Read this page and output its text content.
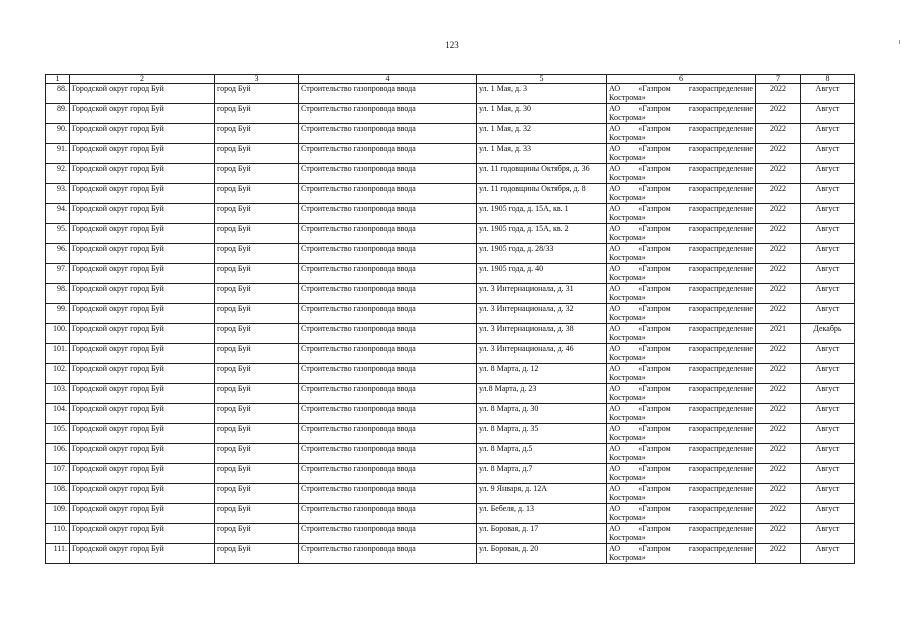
123
1	2	3	4	5	6	7	8
88.	Городской округ город Буй	город Буй	Строительство газопровода ввода	ул. 1 Мая, д. 3	АО «Газпром газораспределение
Кострома»	2022	Август
89.	Городской округ город Буй	город Буй	Строительство газопровода ввода	ул. 1 Мая, д. 30	АО «Газпром газораспределение
Кострома»	2022	Август
90.	Городской округ город Буй	город Буй	Строительство газопровода ввода	ул. 1 Мая, д. 32	АО «Газпром газораспределение
Кострома»	2022	Август
91.	Городской округ город Буй	город Буй	Строительство газопровода ввода	ул. 1 Мая, д. 33	АО «Газпром газораспределение
Кострома»	2022	Август
92.	Городской округ город Буй	город Буй	Строительство газопровода ввода	ул. 11 годовщины Октября, д. 36	АО «Газпром газораспределение
Кострома»	2022	Август
93.	Городской округ город Буй	город Буй	Строительство газопровода ввода	ул. 11 годовщины Октября, д. 8	АО «Газпром газораспределение
Кострома»	2022	Август
94.	Городской округ город Буй	город Буй	Строительство газопровода ввода	ул. 1905 года, д. 15А, кв. 1	АО «Газпром газораспределение
Кострома»	2022	Август
95.	Городской округ город Буй	город Буй	Строительство газопровода ввода	ул. 1905 года, д. 15А, кв. 2	АО «Газпром газораспределение
Кострома»	2022	Август
96.	Городской округ город Буй	город Буй	Строительство газопровода ввода	ул. 1905 года, д. 28/33	АО «Газпром газораспределение
Кострома»	2022	Август
97.	Городской округ город Буй	город Буй	Строительство газопровода ввода	ул. 1905 года, д. 40	АО «Газпром газораспределение
Кострома»	2022	Август
98.	Городской округ город Буй	город Буй	Строительство газопровода ввода	ул. 3 Интернационала, д. 31	АО «Газпром газораспределение
Кострома»	2022	Август
99.	Городской округ город Буй	город Буй	Строительство газопровода ввода	ул. 3 Интернационала, д. 32	АО «Газпром газораспределение
Кострома»	2022	Август
100.	Городской округ город Буй	город Буй	Строительство газопровода ввода	ул. 3 Интернационала, д. 38	АО «Газпром газораспределение
Кострома»	2021	Декабрь
101.	Городской округ город Буй	город Буй	Строительство газопровода ввода	ул. 3 Интернационала, д. 46	АО «Газпром газораспределение
Кострома»	2022	Август
102.	Городской округ город Буй	город Буй	Строительство газопровода ввода	ул. 8 Марта, д. 12	АО «Газпром газораспределение
Кострома»	2022	Август
103.	Городской округ город Буй	город Буй	Строительство газопровода ввода	ул.8 Марта, д. 23	АО «Газпром газораспределение
Кострома»	2022	Август
104.	Городской округ город Буй	город Буй	Строительство газопровода ввода	ул. 8 Марта, д. 30	АО «Газпром газораспределение
Кострома»	2022	Август
105.	Городской округ город Буй	город Буй	Строительство газопровода ввода	ул. 8 Марта, д. 35	АО «Газпром газораспределение
Кострома»	2022	Август
106.	Городской округ город Буй	город Буй	Строительство газопровода ввода	ул. 8 Марта, д.5	АО «Газпром газораспределение
Кострома»	2022	Август
107.	Городской округ город Буй	город Буй	Строительство газопровода ввода	ул. 8 Марта, д.7	АО «Газпром газораспределение
Кострома»	2022	Август
108.	Городской округ город Буй	город Буй	Строительство газопровода ввода	ул. 9 Января, д. 12А	АО «Газпром газораспределение
Кострома»	2022	Август
109.	Городской округ город Буй	город Буй	Строительство газопровода ввода	ул. Бебеля, д. 13	АО «Газпром газораспределение
Кострома»	2022	Август
110.	Городской округ город Буй	город Буй	Строительство газопровода ввода	ул. Боровая, д. 17	АО «Газпром газораспределение
Кострома»	2022	Август
111.	Городской округ город Буй	город Буй	Строительство газопровода ввода	ул. Боровая, д. 20	АО «Газпром газораспределение
Кострома»	2022	Август
